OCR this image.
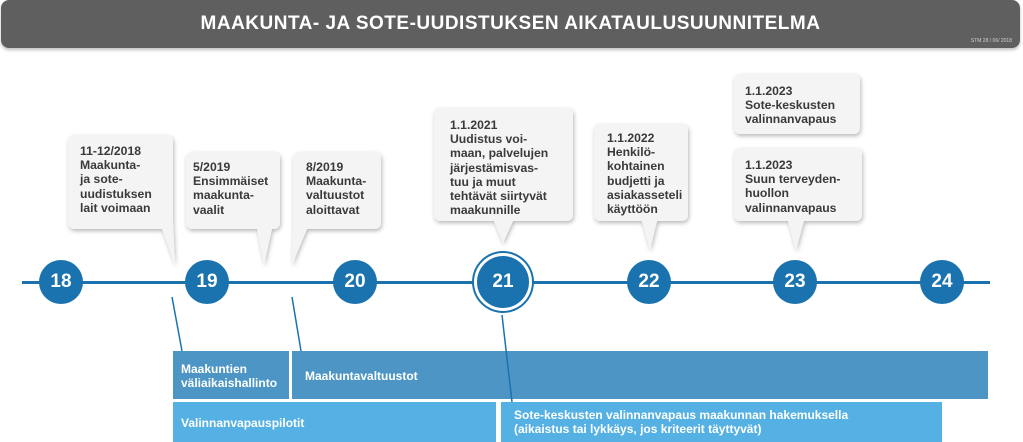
MAAKUNTA- JA SOTE-UUDISTUKSEN AIKATAULUSUUNNITELMA
STM 28 / 06/ 2018
11-12/2018
Maakunta-
ja sote-
uudistuksen
lait voimaan
5/2019
Ensimmäiset
maakunta-
vaalit
8/2019
Maakunta-
valtuustot
aloittavat
1.1.2021
Uudistus voi-
maan, palvelujen
järjestämisvas-
tuu ja muut
tehtävät siirtyvät
maakunnille
1.1.2022
Henkilö-
kohtainen
budjetti ja
asiakasseteli
käyttöön
1.1.2023
Sote-keskusten
valinnanvapaus
1.1.2023
Suun terveyden-
huollon
valinnanvapaus
18	19	20	21	22	23	24
Maakuntien
väliaikaishallinto	Maakuntavaltuustot
Valinnanvapauspilotit
Sote-keskusten valinnanvapaus maakunnan hakemuksella
(aikaistus tai lykkäys, jos kriteerit täyttyvät)
